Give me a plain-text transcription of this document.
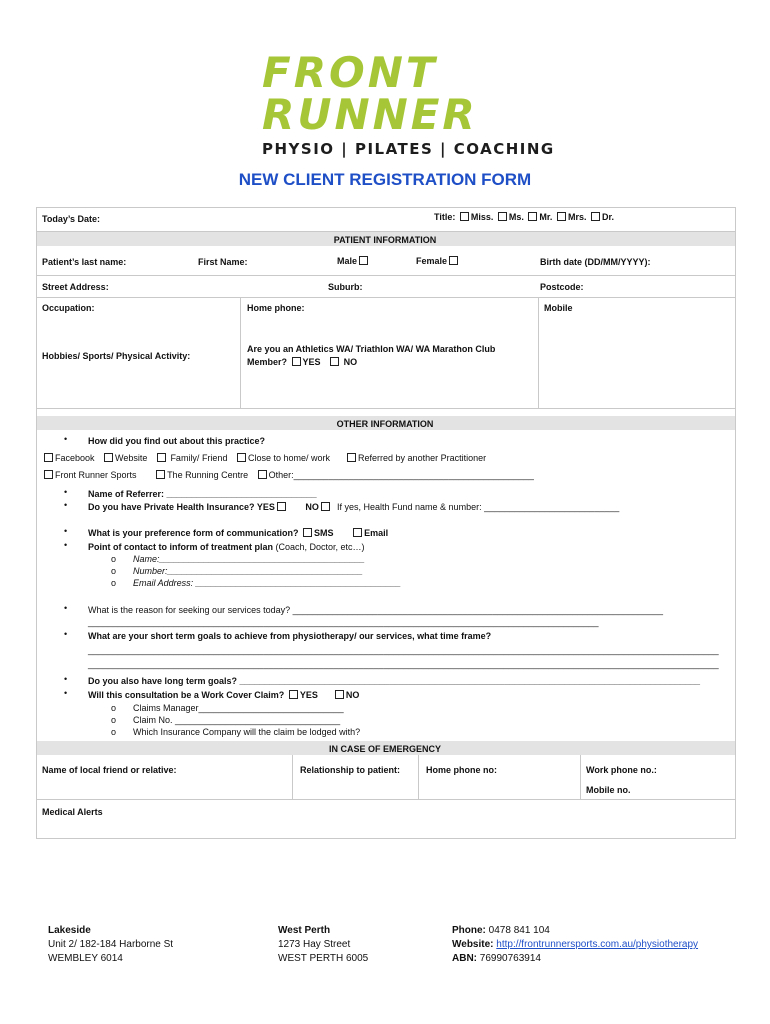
FRONT
RUNNER
PHYSIO | PILATES | COACHING
NEW CLIENT REGISTRATION FORM
Today’s Date:	Title: Miss. Ms. Mr. Mrs. Dr.
PATIENT INFORMATION
Patient’s last name:	First Name:	Male	Female	Birth date (DD/MM/YYYY):
Street Address:	Suburb:	Postcode:
Occupation:	Home phone:	Mobile
Hobbies/ Sports/ Physical Activity:
Are you an Athletics WA/ Triathlon WA/ WA Marathon Club
Member? YES	NO
OTHER INFORMATION
• How did you find out about this practice?
Facebook Website	Family/ Friend Close to home/ work	Referred by another Practitioner
Front Runner Sports	The Running Centre Other:________________________________________________
• Name of Referrer: ______________________________
• Do you have Private Health Insurance? YES	NO	If yes, Health Fund name & number: ___________________________
• What is your preference form of communication? SMS	Email
• Point of contact to inform of treatment plan (Coach, Doctor, etc…)
o Name:_________________________________________
o Number:_______________________________________
o Email Address: _________________________________________
• What is the reason for seeking our services today? __________________________________________________________________________
______________________________________________________________________________________________________
• What are your short term goals to achieve from physiotherapy/ our services, what time frame?
______________________________________________________________________________________________________________________________
______________________________________________________________________________________________________________________________
• Do you also have long term goals? ____________________________________________________________________________________________
• Will this consultation be a Work Cover Claim? YES	NO
o Claims Manager_____________________________
o Claim No. _________________________________
o Which Insurance Company will the claim be lodged with?
IN CASE OF EMERGENCY
Name of local friend or relative:	Relationship to patient:	Home phone no:	Work phone no.:
Mobile no.
Medical Alerts
Lakeside
Unit 2/ 182-184 Harborne St
WEMBLEY 6014
West Perth
1273 Hay Street
WEST PERTH 6005
Phone: 0478 841 104
Website: http://frontrunnersports.com.au/physiotherapy
ABN: 76990763914
